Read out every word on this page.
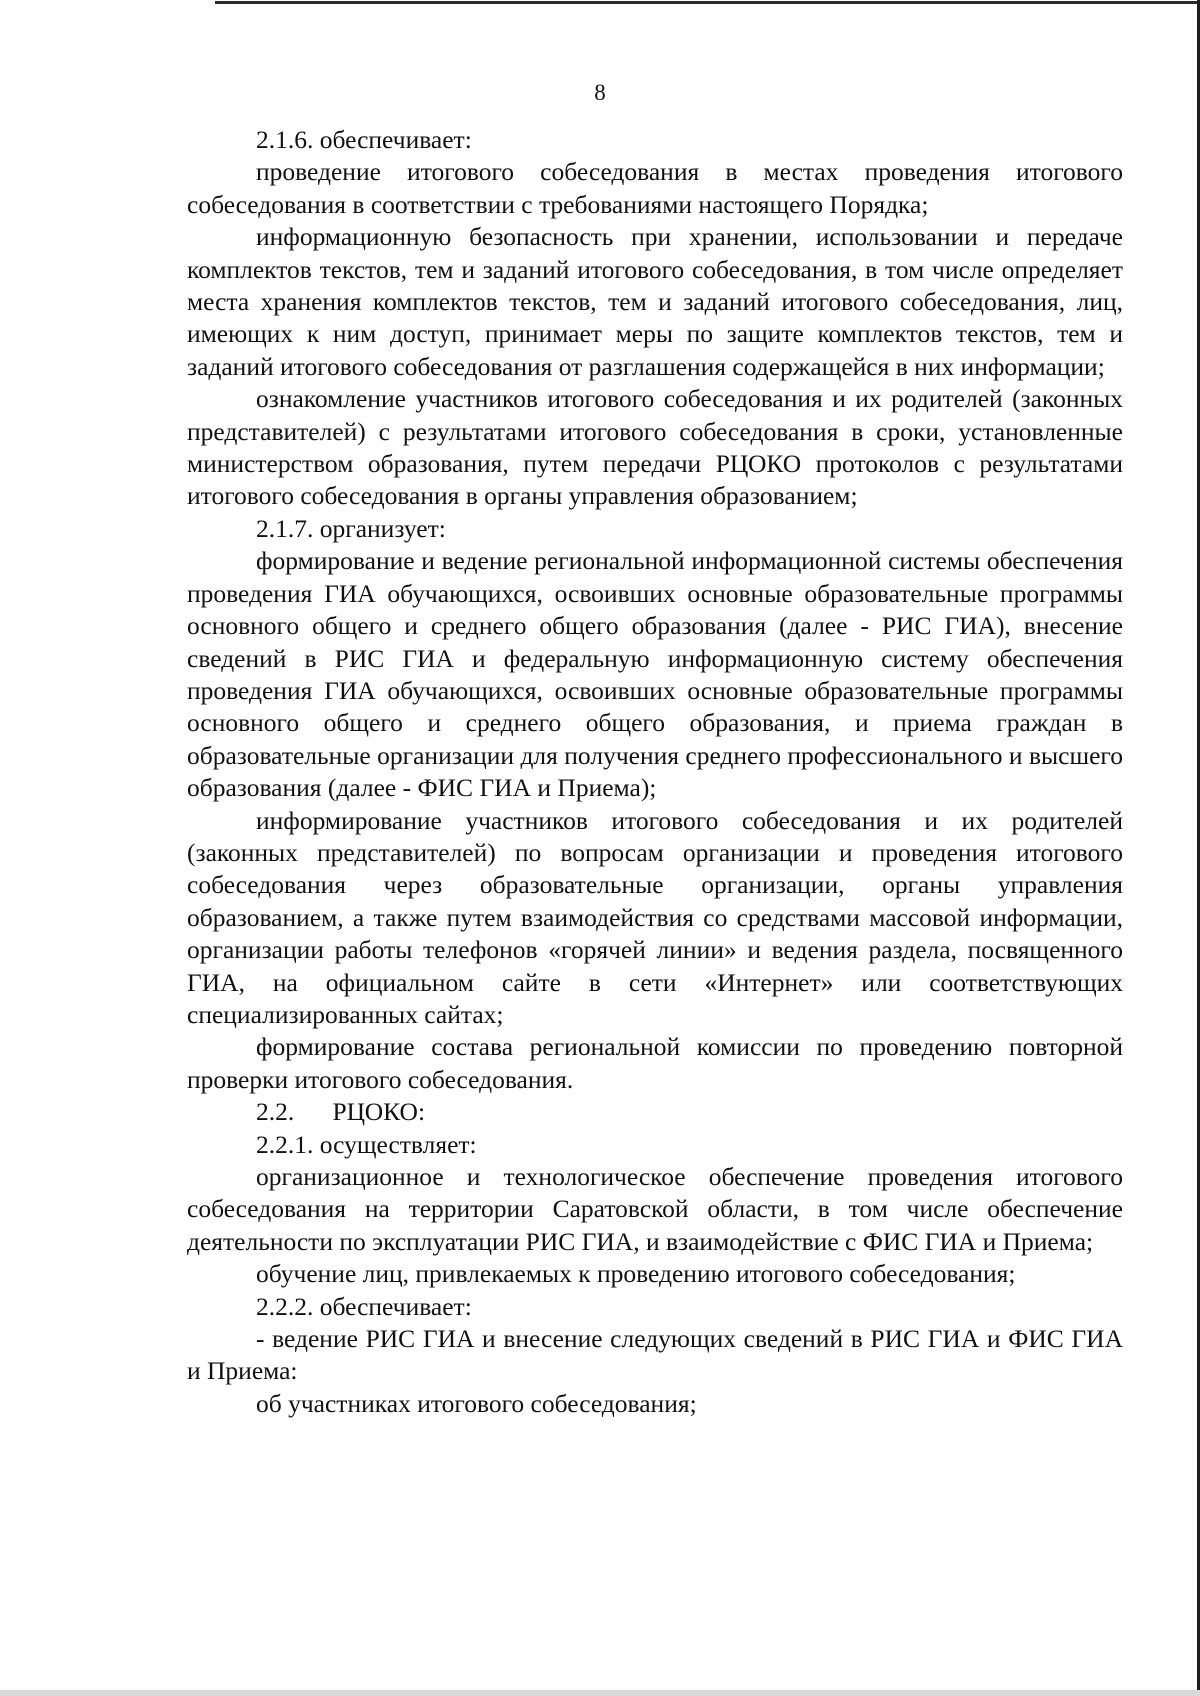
8

2.1.6. обеспечивает:

проведение итогового собеседования в местах проведения итогового собеседования в соответствии с требованиями настоящего Порядка;

информационную безопасность при хранении, использовании и передаче комплектов текстов, тем и заданий итогового собеседования, в том числе определяет места хранения комплектов текстов, тем и заданий итогового собеседования, лиц, имеющих к ним доступ, принимает меры по защите комплектов текстов, тем и заданий итогового собеседования от разглашения содержащейся в них информации;

ознакомление участников итогового собеседования и их родителей (законных представителей) с результатами итогового собеседования в сроки, установленные министерством образования, путем передачи РЦОКО протоколов с результатами итогового собеседования в органы управления образованием;

2.1.7. организует:

формирование и ведение региональной информационной системы обеспечения проведения ГИА обучающихся, освоивших основные образовательные программы основного общего и среднего общего образования (далее - РИС ГИА), внесение сведений в РИС ГИА и федеральную информационную систему обеспечения проведения ГИА обучающихся, освоивших основные образовательные программы основного общего и среднего общего образования, и приема граждан в образовательные организации для получения среднего профессионального и высшего образования (далее - ФИС ГИА и Приема);

информирование участников итогового собеседования и их родителей (законных представителей) по вопросам организации и проведения итогового собеседования через образовательные организации, органы управления образованием, а также путем взаимодействия со средствами массовой информации, организации работы телефонов «горячей линии» и ведения раздела, посвященного ГИА, на официальном сайте в сети «Интернет» или соответствующих специализированных сайтах;

формирование состава региональной комиссии по проведению повторной проверки итогового собеседования.

2.2.      РЦОКО:

2.2.1. осуществляет:

организационное и технологическое обеспечение проведения итогового собеседования на территории Саратовской области, в том числе обеспечение деятельности по эксплуатации РИС ГИА, и взаимодействие с ФИС ГИА и Приема;

обучение лиц, привлекаемых к проведению итогового собеседования;

2.2.2. обеспечивает:

- ведение РИС ГИА и внесение следующих сведений в РИС ГИА и ФИС ГИА и Приема:

об участниках итогового собеседования;
